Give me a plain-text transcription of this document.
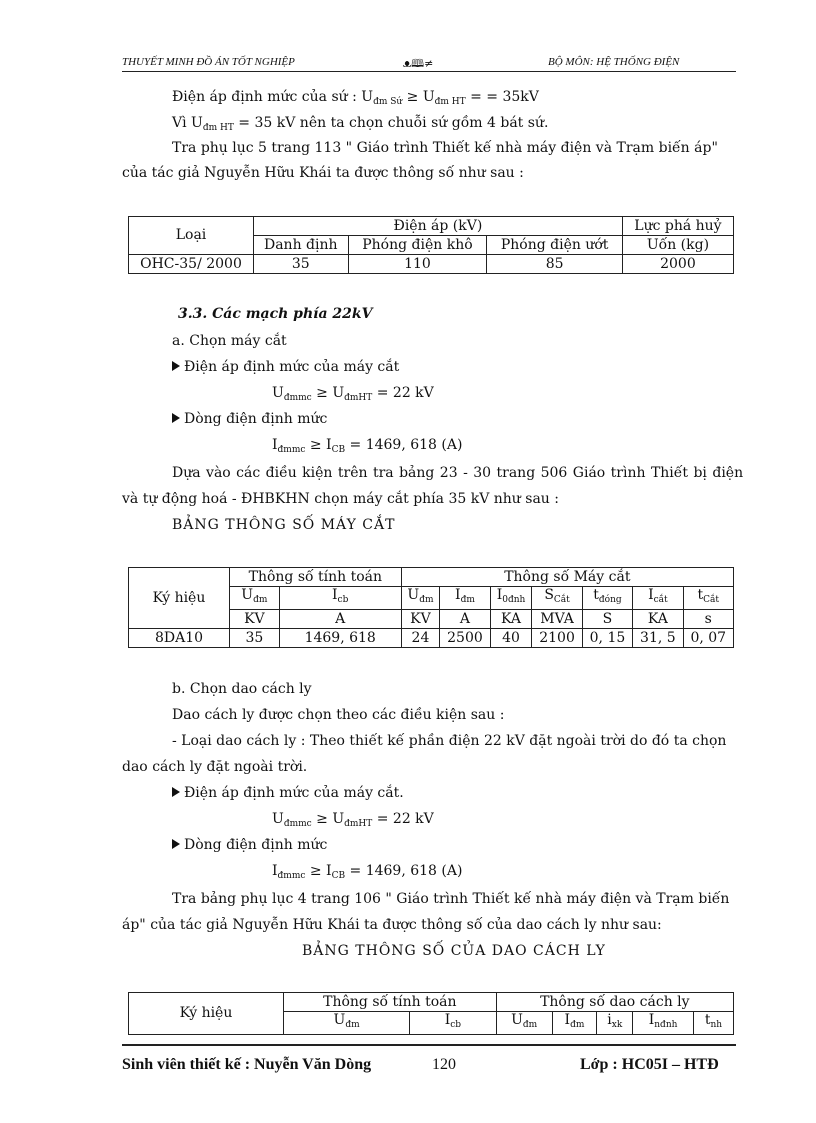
THUYẾT MINH ĐỒ ÁN TỐT NGHIỆP	ᴥ🕮≠	BỘ MÔN: HỆ THỐNG ĐIỆN
Điện áp định mức của sứ : $U_{đm Sứ} \ge U_{đm HT}$ = = 35kV
Vì $U_{đm HT} = 35$ kV nên ta chọn chuỗi sứ gồm 4 bát sứ.
Tra phụ lục 5 trang 113 " Giáo trình Thiết kế nhà máy điện và Trạm biến áp"
của tác giả Nguyễn Hữu Khái ta được thông số như sau :
Loại	Điện áp (kV)			Lực phá huỷ
	Danh định	Phóng điện khô	Phóng điện ướt	Uốn (kg)
OHC-35/ 2000	35	110	85	2000
3.3. Các mạch phía 22kV
a. Chọn máy cắt
Điện áp định mức của máy cắt
$U_{đmmc} \ge U_{đmHT} = 22$ kV
Dòng điện định mức
$I_{đmmc} \ge I_{CB} = 1469$, 618 (A)
Dựa vào các điều kiện trên tra bảng 23 - 30 trang 506 Giáo trình Thiết bị điện
và tự động hoá - ĐHBKHN chọn máy cắt phía 35 kV như sau :
BẢNG THÔNG SỐ MÁY CẮT
Ký hiệu	Thông số tính toán		Thông số Máy cắt						
	$U_{đm}$	$I_{cb}$	$U_{đm}$	$I_{đm}$	$I_{0đnh}$	$S_{Cắt}$	$t_{đóng}$	$I_{cắt}$	$t_{Cắt}$
	KV	A	KV	A	KA	MVA	S	KA	s
8DA10	35	1469, 618	24	2500	40	2100	0, 15	31, 5	0, 07
b. Chọn dao cách ly
Dao cách ly được chọn theo các điều kiện sau :
- Loại dao cách ly : Theo thiết kế phần điện 22 kV đặt ngoài trời do đó ta chọn
dao cách ly đặt ngoài trời.
Điện áp định mức của máy cắt.
$U_{đmmc} \ge U_{đmHT} = 22$ kV
Dòng điện định mức
$I_{đmmc} \ge I_{CB} = 1469$, 618 (A)
Tra bảng phụ lục 4 trang 106 " Giáo trình Thiết kế nhà máy điện và Trạm biến
áp" của tác giả Nguyễn Hữu Khái ta được thông số của dao cách ly như sau:
BẢNG THÔNG SỐ CỦA DAO CÁCH LY
Ký hiệu	Thông số tính toán		Thông số dao cách ly				
	$U_{đm}$	$I_{cb}$	$U_{đm}$	$I_{đm}$	$i_{xk}$	$I_{nđnh}$	$t_{nh}$
Sinh viên thiết kế : Nuyễn Văn Dòng	120	Lớp : HC05I – HTĐ
